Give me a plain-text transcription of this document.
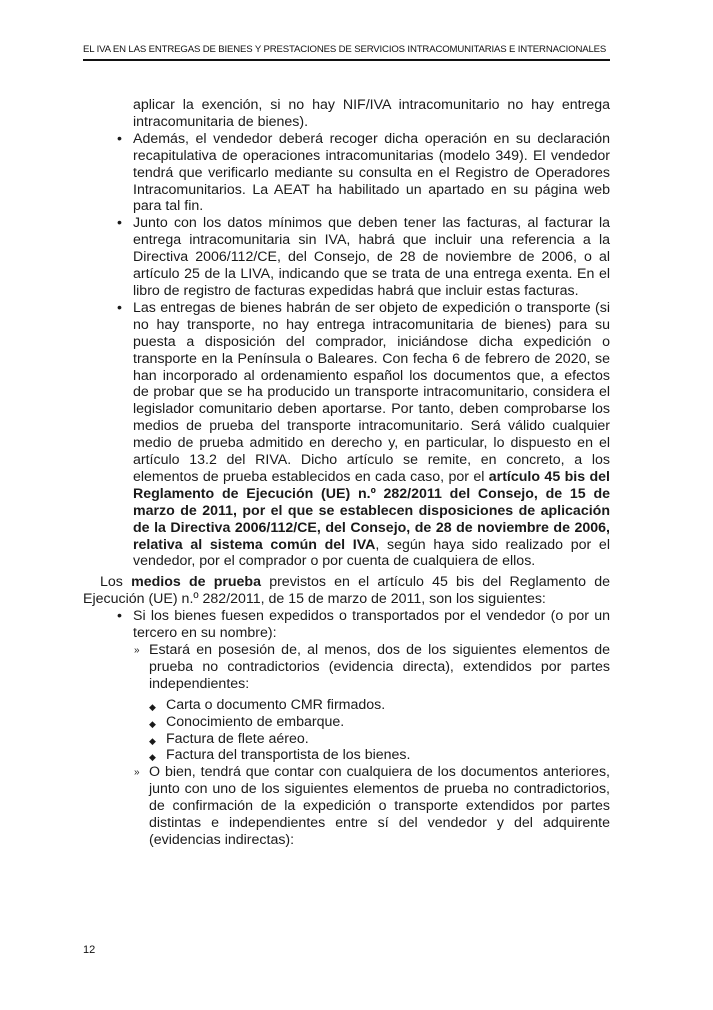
EL IVA EN LAS ENTREGAS DE BIENES Y PRESTACIONES DE SERVICIOS INTRACOMUNITARIAS E INTERNACIONALES

aplicar la exención, si no hay NIF/IVA intracomunitario no hay entrega intracomunitaria de bienes).

• Además, el vendedor deberá recoger dicha operación en su declaración recapitulativa de operaciones intracomunitarias (modelo 349). El vendedor tendrá que verificarlo mediante su consulta en el Registro de Operadores Intracomunitarios. La AEAT ha habilitado un apartado en su página web para tal fin.

• Junto con los datos mínimos que deben tener las facturas, al facturar la entrega intracomunitaria sin IVA, habrá que incluir una referencia a la Directiva 2006/112/CE, del Consejo, de 28 de noviembre de 2006, o al artículo 25 de la LIVA, indicando que se trata de una entrega exenta. En el libro de registro de facturas expedidas habrá que incluir estas facturas.

• Las entregas de bienes habrán de ser objeto de expedición o transporte (si no hay transporte, no hay entrega intracomunitaria de bienes) para su puesta a disposición del comprador, iniciándose dicha expedición o transporte en la Península o Baleares. Con fecha 6 de febrero de 2020, se han incorporado al ordenamiento español los documentos que, a efectos de probar que se ha producido un transporte intracomunitario, considera el legislador comunitario deben aportarse. Por tanto, deben comprobarse los medios de prueba del transporte intracomunitario. Será válido cualquier medio de prueba admitido en derecho y, en particular, lo dispuesto en el artículo 13.2 del RIVA. Dicho artículo se remite, en concreto, a los elementos de prueba establecidos en cada caso, por el artículo 45 bis del Reglamento de Ejecución (UE) n.º 282/2011 del Consejo, de 15 de marzo de 2011, por el que se establecen disposiciones de aplicación de la Directiva 2006/112/CE, del Consejo, de 28 de noviembre de 2006, relativa al sistema común del IVA, según haya sido realizado por el vendedor, por el comprador o por cuenta de cualquiera de ellos.

Los medios de prueba previstos en el artículo 45 bis del Reglamento de Ejecución (UE) n.º 282/2011, de 15 de marzo de 2011, son los siguientes:

• Si los bienes fuesen expedidos o transportados por el vendedor (o por un tercero en su nombre):

» Estará en posesión de, al menos, dos de los siguientes elementos de prueba no contradictorios (evidencia directa), extendidos por partes independientes:

◆ Carta o documento CMR firmados.

◆ Conocimiento de embarque.

◆ Factura de flete aéreo.

◆ Factura del transportista de los bienes.

» O bien, tendrá que contar con cualquiera de los documentos anteriores, junto con uno de los siguientes elementos de prueba no contradictorios, de confirmación de la expedición o transporte extendidos por partes distintas e independientes entre sí del vendedor y del adquirente (evidencias indirectas):

12
